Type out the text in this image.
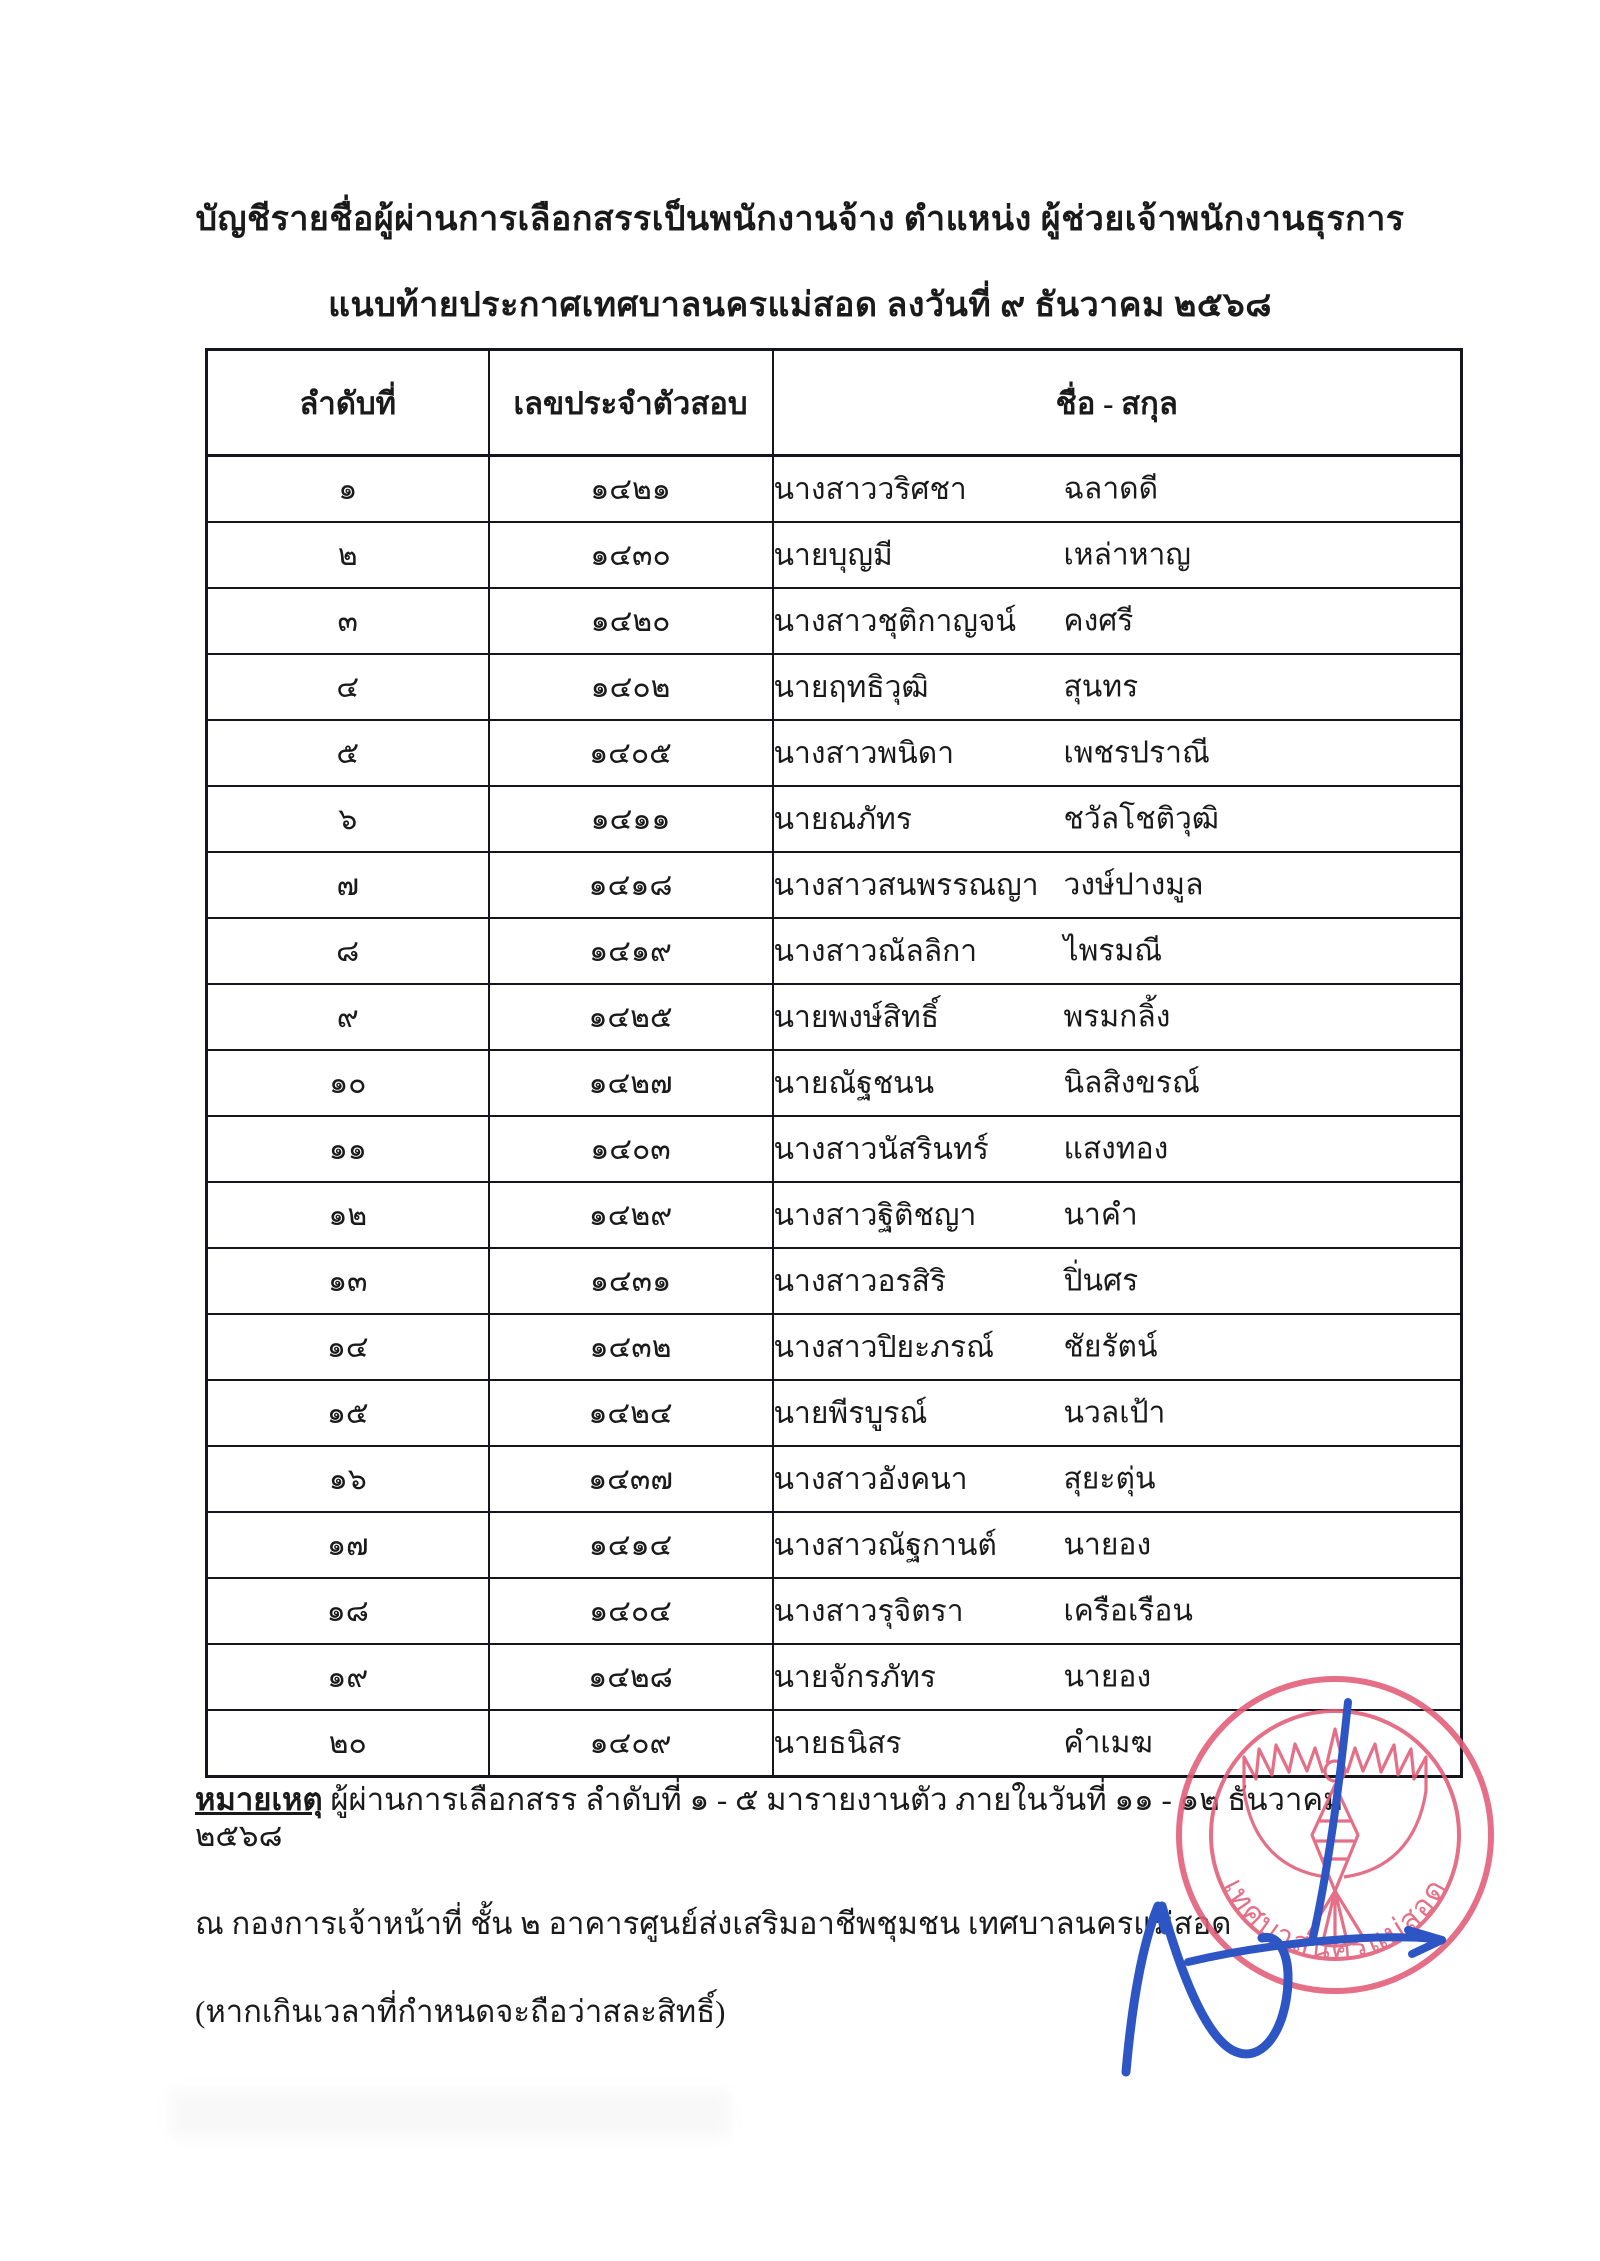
บัญชีรายชื่อผู้ผ่านการเลือกสรรเป็นพนักงานจ้าง ตำแหน่ง ผู้ช่วยเจ้าพนักงานธุรการ
แนบท้ายประกาศเทศบาลนครแม่สอด ลงวันที่ ๙ ธันวาคม ๒๕๖๘
ลำดับที่	เลขประจำตัวสอบ	ชื่อ - สกุล
๑	๑๔๒๑	นางสาววริศชา ฉลาดดี

๒	๑๔๓๐	นายบุญมี เหล่าหาญ

๓	๑๔๒๐	นางสาวชุติกาญจน์ คงศรี

๔	๑๔๐๒	นายฤทธิวุฒิ สุนทร

๕	๑๔๐๕	นางสาวพนิดา เพชรปราณี

๖	๑๔๑๑	นายณภัทร ชวัลโชติวุฒิ

๗	๑๔๑๘	นางสาวสนพรรณญา วงษ์ปางมูล

๘	๑๔๑๙	นางสาวณัลลิกา ไพรมณี

๙	๑๔๒๕	นายพงษ์สิทธิ์ พรมกลิ้ง

๑๐	๑๔๒๗	นายณัฐชนน นิลสิงขรณ์

๑๑	๑๔๐๓	นางสาวนัสรินทร์ แสงทอง

๑๒	๑๔๒๙	นางสาวฐิติชญา นาคำ

๑๓	๑๔๓๑	นางสาวอรสิริ ปิ่นศร

๑๔	๑๔๓๒	นางสาวปิยะภรณ์ ชัยรัตน์

๑๕	๑๔๒๔	นายพีรบูรณ์ นวลเป้า

๑๖	๑๔๓๗	นางสาวอังคนา สุยะตุ่น

๑๗	๑๔๑๔	นางสาวณัฐกานต์ นายอง

๑๘	๑๔๐๔	นางสาวรุจิตรา เครือเรือน

๑๙	๑๔๒๘	นายจักรภัทร นายอง

๒๐	๑๔๐๙	นายธนิสร คำเมฆ

หมายเหตุ ผู้ผ่านการเลือกสรร ลำดับที่ ๑ - ๕ มารายงานตัว ภายในวันที่ ๑๑ - ๑๒ ธันวาคม ๒๕๖๘

ณ กองการเจ้าหน้าที่ ชั้น ๒ อาคารศูนย์ส่งเสริมอาชีพชุมชน เทศบาลนครแม่สอด

(หากเกินเวลาที่กำหนดจะถือว่าสละสิทธิ์)

เทศบาลนครแม่สอด
